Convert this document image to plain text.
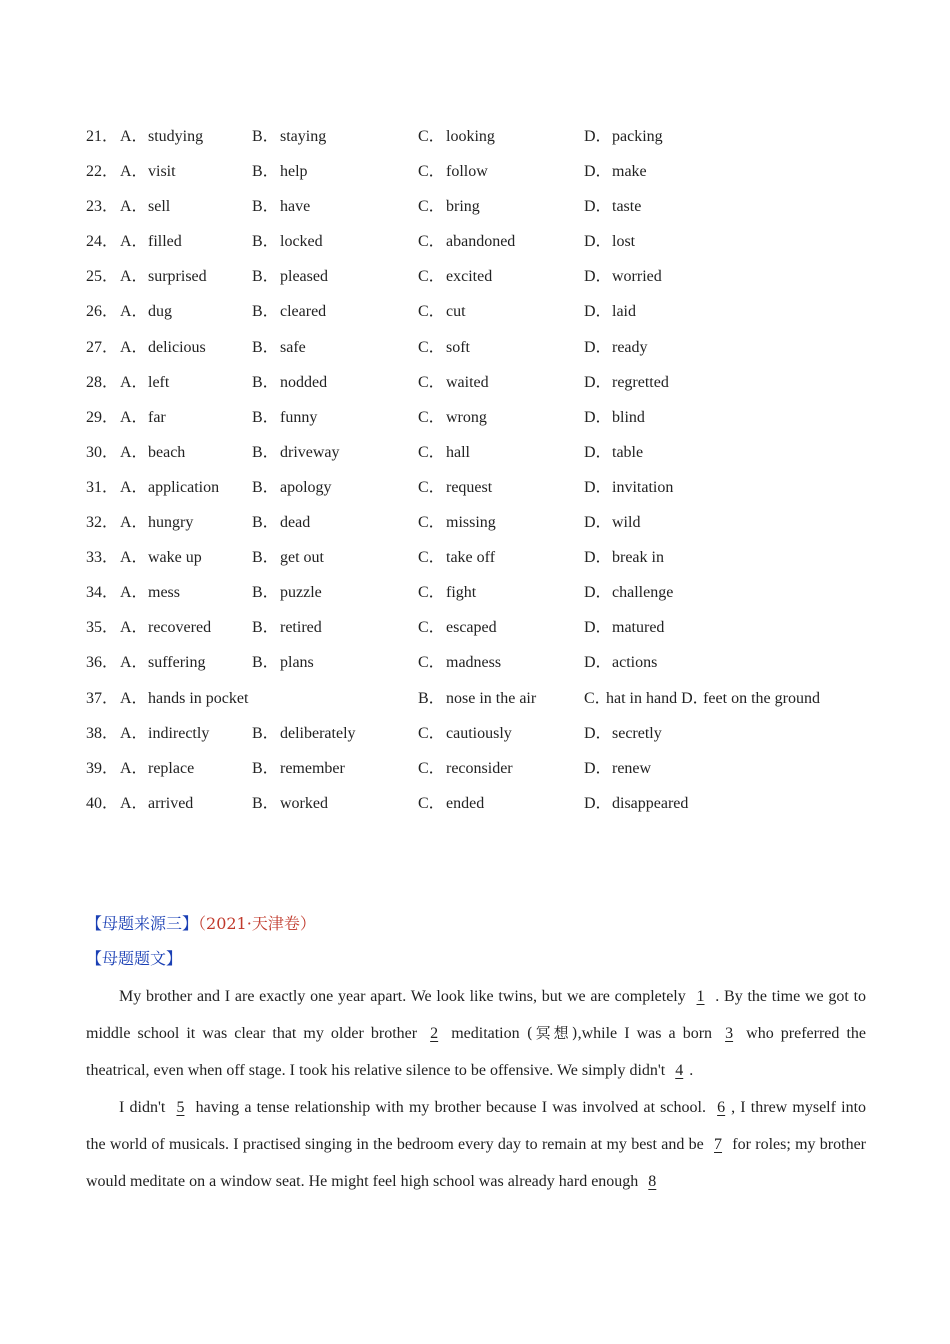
21． A．studying	B．staying	C．looking	D．packing
22． A．visit	B．help	C．follow	D．make
23． A．sell	B．have	C．bring	D．taste
24． A．filled	B．locked	C．abandoned	D．lost
25． A．surprised	B．pleased	C．excited	D．worried
26． A．dug	B．cleared	C．cut	D．laid
27． A．delicious	B．safe	C．soft	D．ready
28． A．left	B．nodded	C．waited	D．regretted
29． A．far	B．funny	C．wrong	D．blind
30． A．beach	B．driveway	C．hall	D．table
31． A．application B．apology	C．request	D．invitation
32． A．hungry	B．dead	C．missing	D．wild
33． A．wake up	B．get out	C．take off	D．break in
34． A．mess	B．puzzle	C．fight	D．challenge
35． A．recovered	B．retired	C．escaped	D．matured
36． A．suffering	B．plans	C．madness	D．actions
37． A．hands in pocket	B．nose in the air	C．hat in hand D．feet on the ground
38． A．indirectly	B．deliberately	C．cautiously	D．secretly
39． A．replace	B．remember	C．reconsider	D．renew
40． A．arrived	B．worked	C．ended	D．disappeared
【母题来源三】（2021·天津卷）
【母题题文】

My brother and I are exactly one year apart. We look like twins, but we are completely 1 . By the time we got to middle school it was clear that my older brother 2 meditation (冥想),while I was a born 3 who preferred the theatrical, even when off stage. I took his relative silence to be offensive. We simply didn't 4 .

I didn't 5 having a tense relationship with my brother because I was involved at school. 6 , I threw myself into the world of musicals. I practised singing in the bedroom every day to remain at my best and be 7 for roles; my brother would meditate on a window seat. He might feel high school was already hard enough 8
